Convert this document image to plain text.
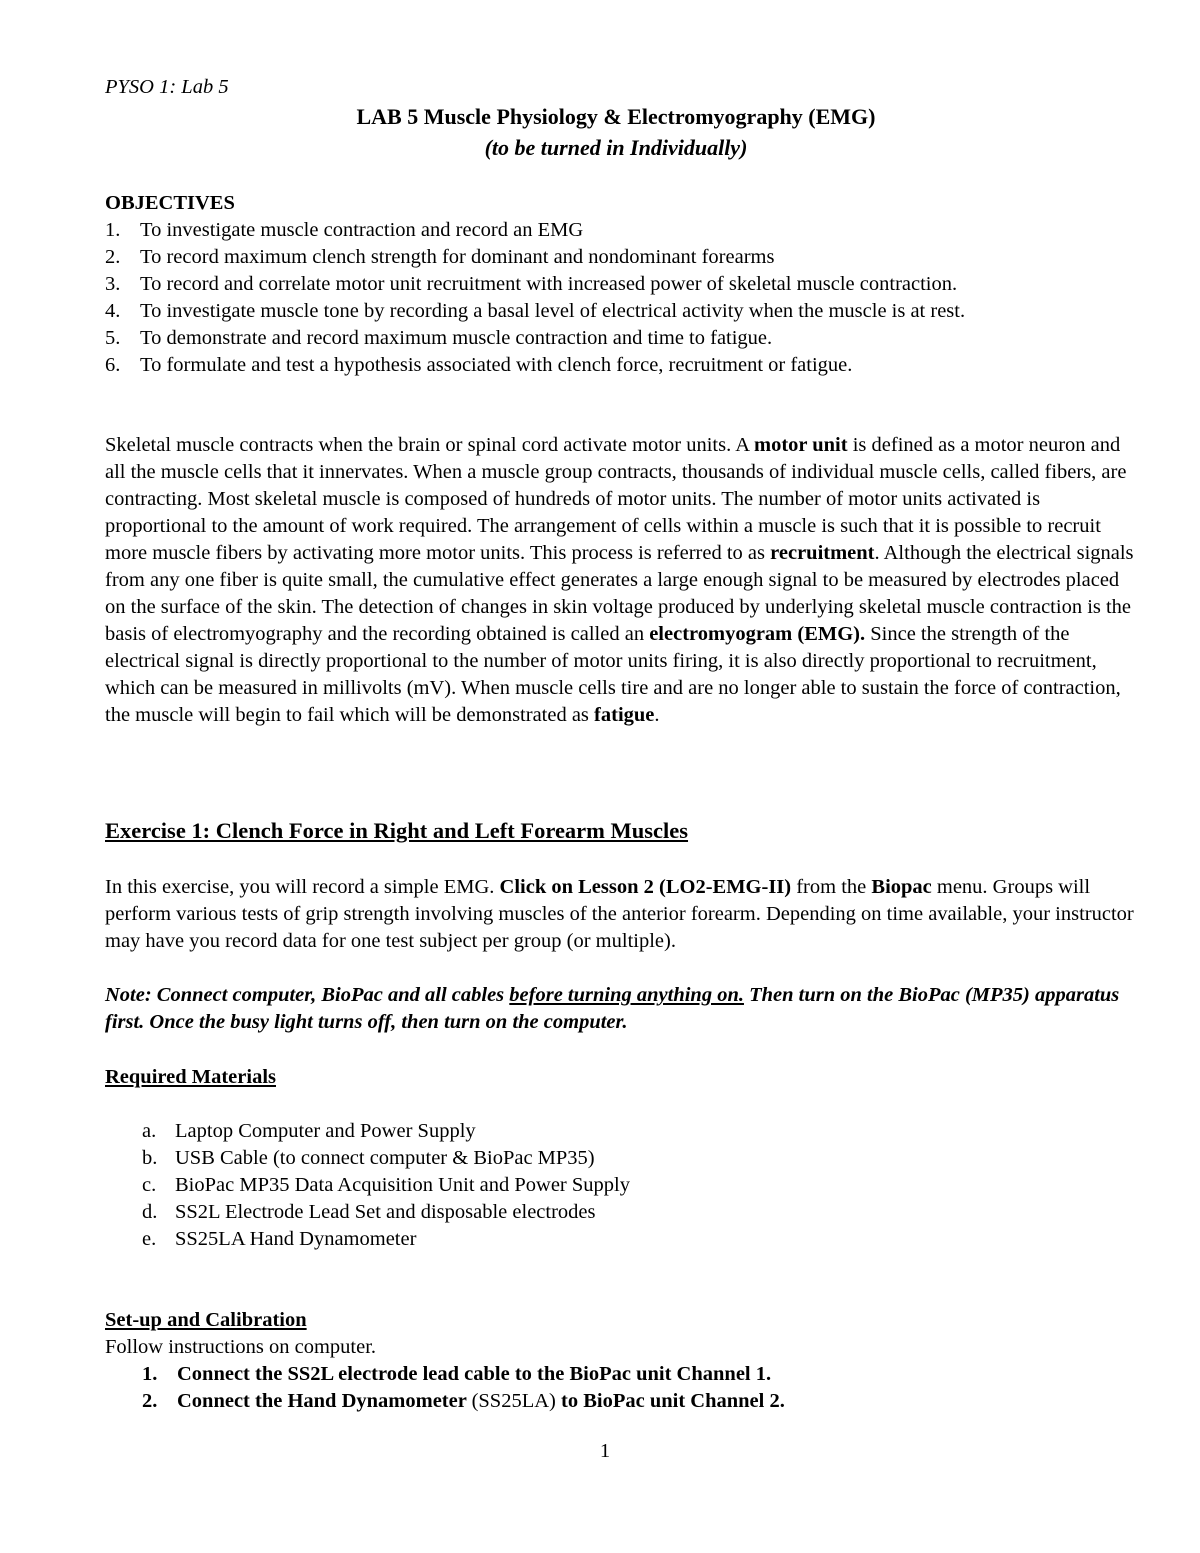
PYSO 1: Lab 5
LAB 5 Muscle Physiology & Electromyography (EMG)
(to be turned in Individually)
OBJECTIVES
1. To investigate muscle contraction and record an EMG
2. To record maximum clench strength for dominant and nondominant forearms
3. To record and correlate motor unit recruitment with increased power of skeletal muscle contraction.
4. To investigate muscle tone by recording a basal level of electrical activity when the muscle is at rest.
5. To demonstrate and record maximum muscle contraction and time to fatigue.
6. To formulate and test a hypothesis associated with clench force, recruitment or fatigue.

Skeletal muscle contracts when the brain or spinal cord activate motor units. A motor unit is defined as a motor neuron and all the muscle cells that it innervates. When a muscle group contracts, thousands of individual muscle cells, called fibers, are contracting. Most skeletal muscle is composed of hundreds of motor units. The number of motor units activated is proportional to the amount of work required. The arrangement of cells within a muscle is such that it is possible to recruit more muscle fibers by activating more motor units. This process is referred to as recruitment. Although the electrical signals from any one fiber is quite small, the cumulative effect generates a large enough signal to be measured by electrodes placed on the surface of the skin. The detection of changes in skin voltage produced by underlying skeletal muscle contraction is the basis of electromyography and the recording obtained is called an electromyogram (EMG). Since the strength of the electrical signal is directly proportional to the number of motor units firing, it is also directly proportional to recruitment, which can be measured in millivolts (mV). When muscle cells tire and are no longer able to sustain the force of contraction, the muscle will begin to fail which will be demonstrated as fatigue.

Exercise 1: Clench Force in Right and Left Forearm Muscles

In this exercise, you will record a simple EMG. Click on Lesson 2 (LO2-EMG-II) from the Biopac menu. Groups will perform various tests of grip strength involving muscles of the anterior forearm. Depending on time available, your instructor may have you record data for one test subject per group (or multiple).

Note: Connect computer, BioPac and all cables before turning anything on. Then turn on the BioPac (MP35) apparatus first. Once the busy light turns off, then turn on the computer.

Required Materials
a. Laptop Computer and Power Supply
b. USB Cable (to connect computer & BioPac MP35)
c. BioPac MP35 Data Acquisition Unit and Power Supply
d. SS2L Electrode Lead Set and disposable electrodes
e. SS25LA Hand Dynamometer
Set-up and Calibration
Follow instructions on computer.
1. Connect the SS2L electrode lead cable to the BioPac unit Channel 1.
2. Connect the Hand Dynamometer (SS25LA) to BioPac unit Channel 2.
1
